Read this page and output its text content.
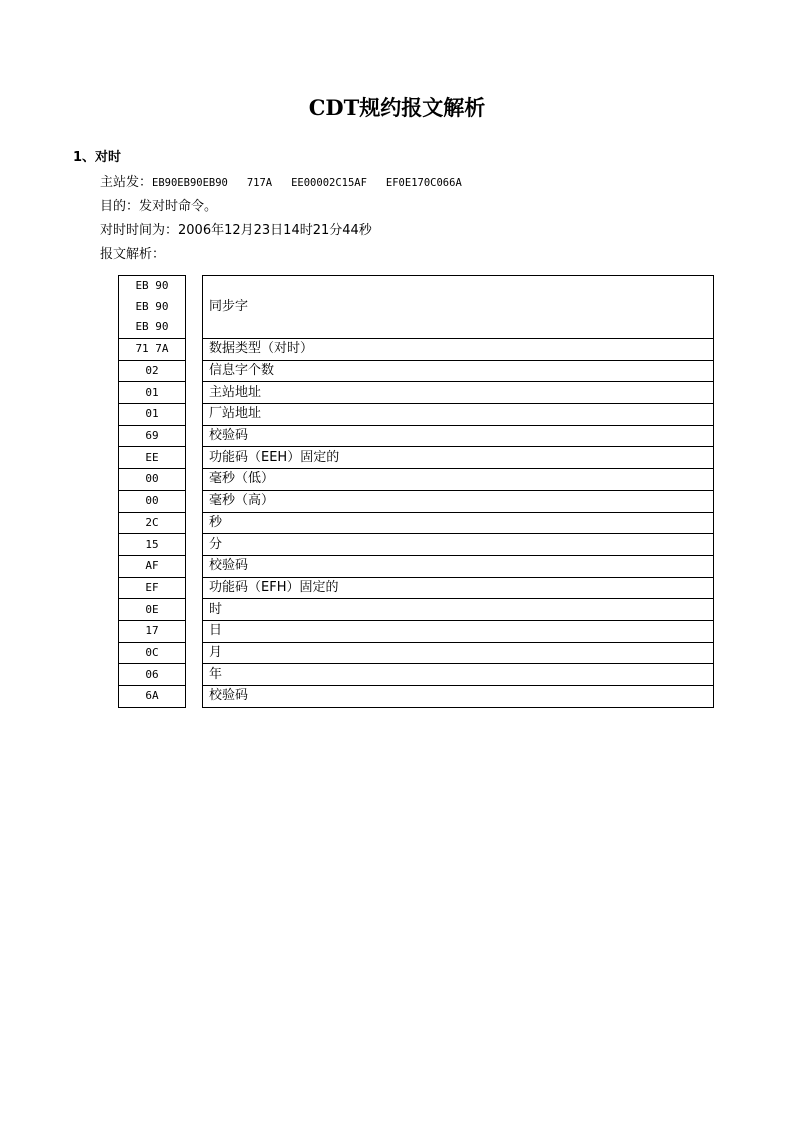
CDT规约报文解析
1、对时
主站发：EB90EB90EB90   717A   EE00002C15AF   EF0E170C066A
目的：发对时命令。
对时时间为：2006年12月23日14时21分44秒
报文解析：
EB 90
EB 90
EB 90		同步字
71 7A		数据类型（对时）
02		信息字个数
01		主站地址
01		厂站地址
69		校验码
EE		功能码（EEH）固定的
00		毫秒（低）
00		毫秒（高）
2C		秒
15		分
AF		校验码
EF		功能码（EFH）固定的
0E		时
17		日
0C		月
06		年
6A		校验码
